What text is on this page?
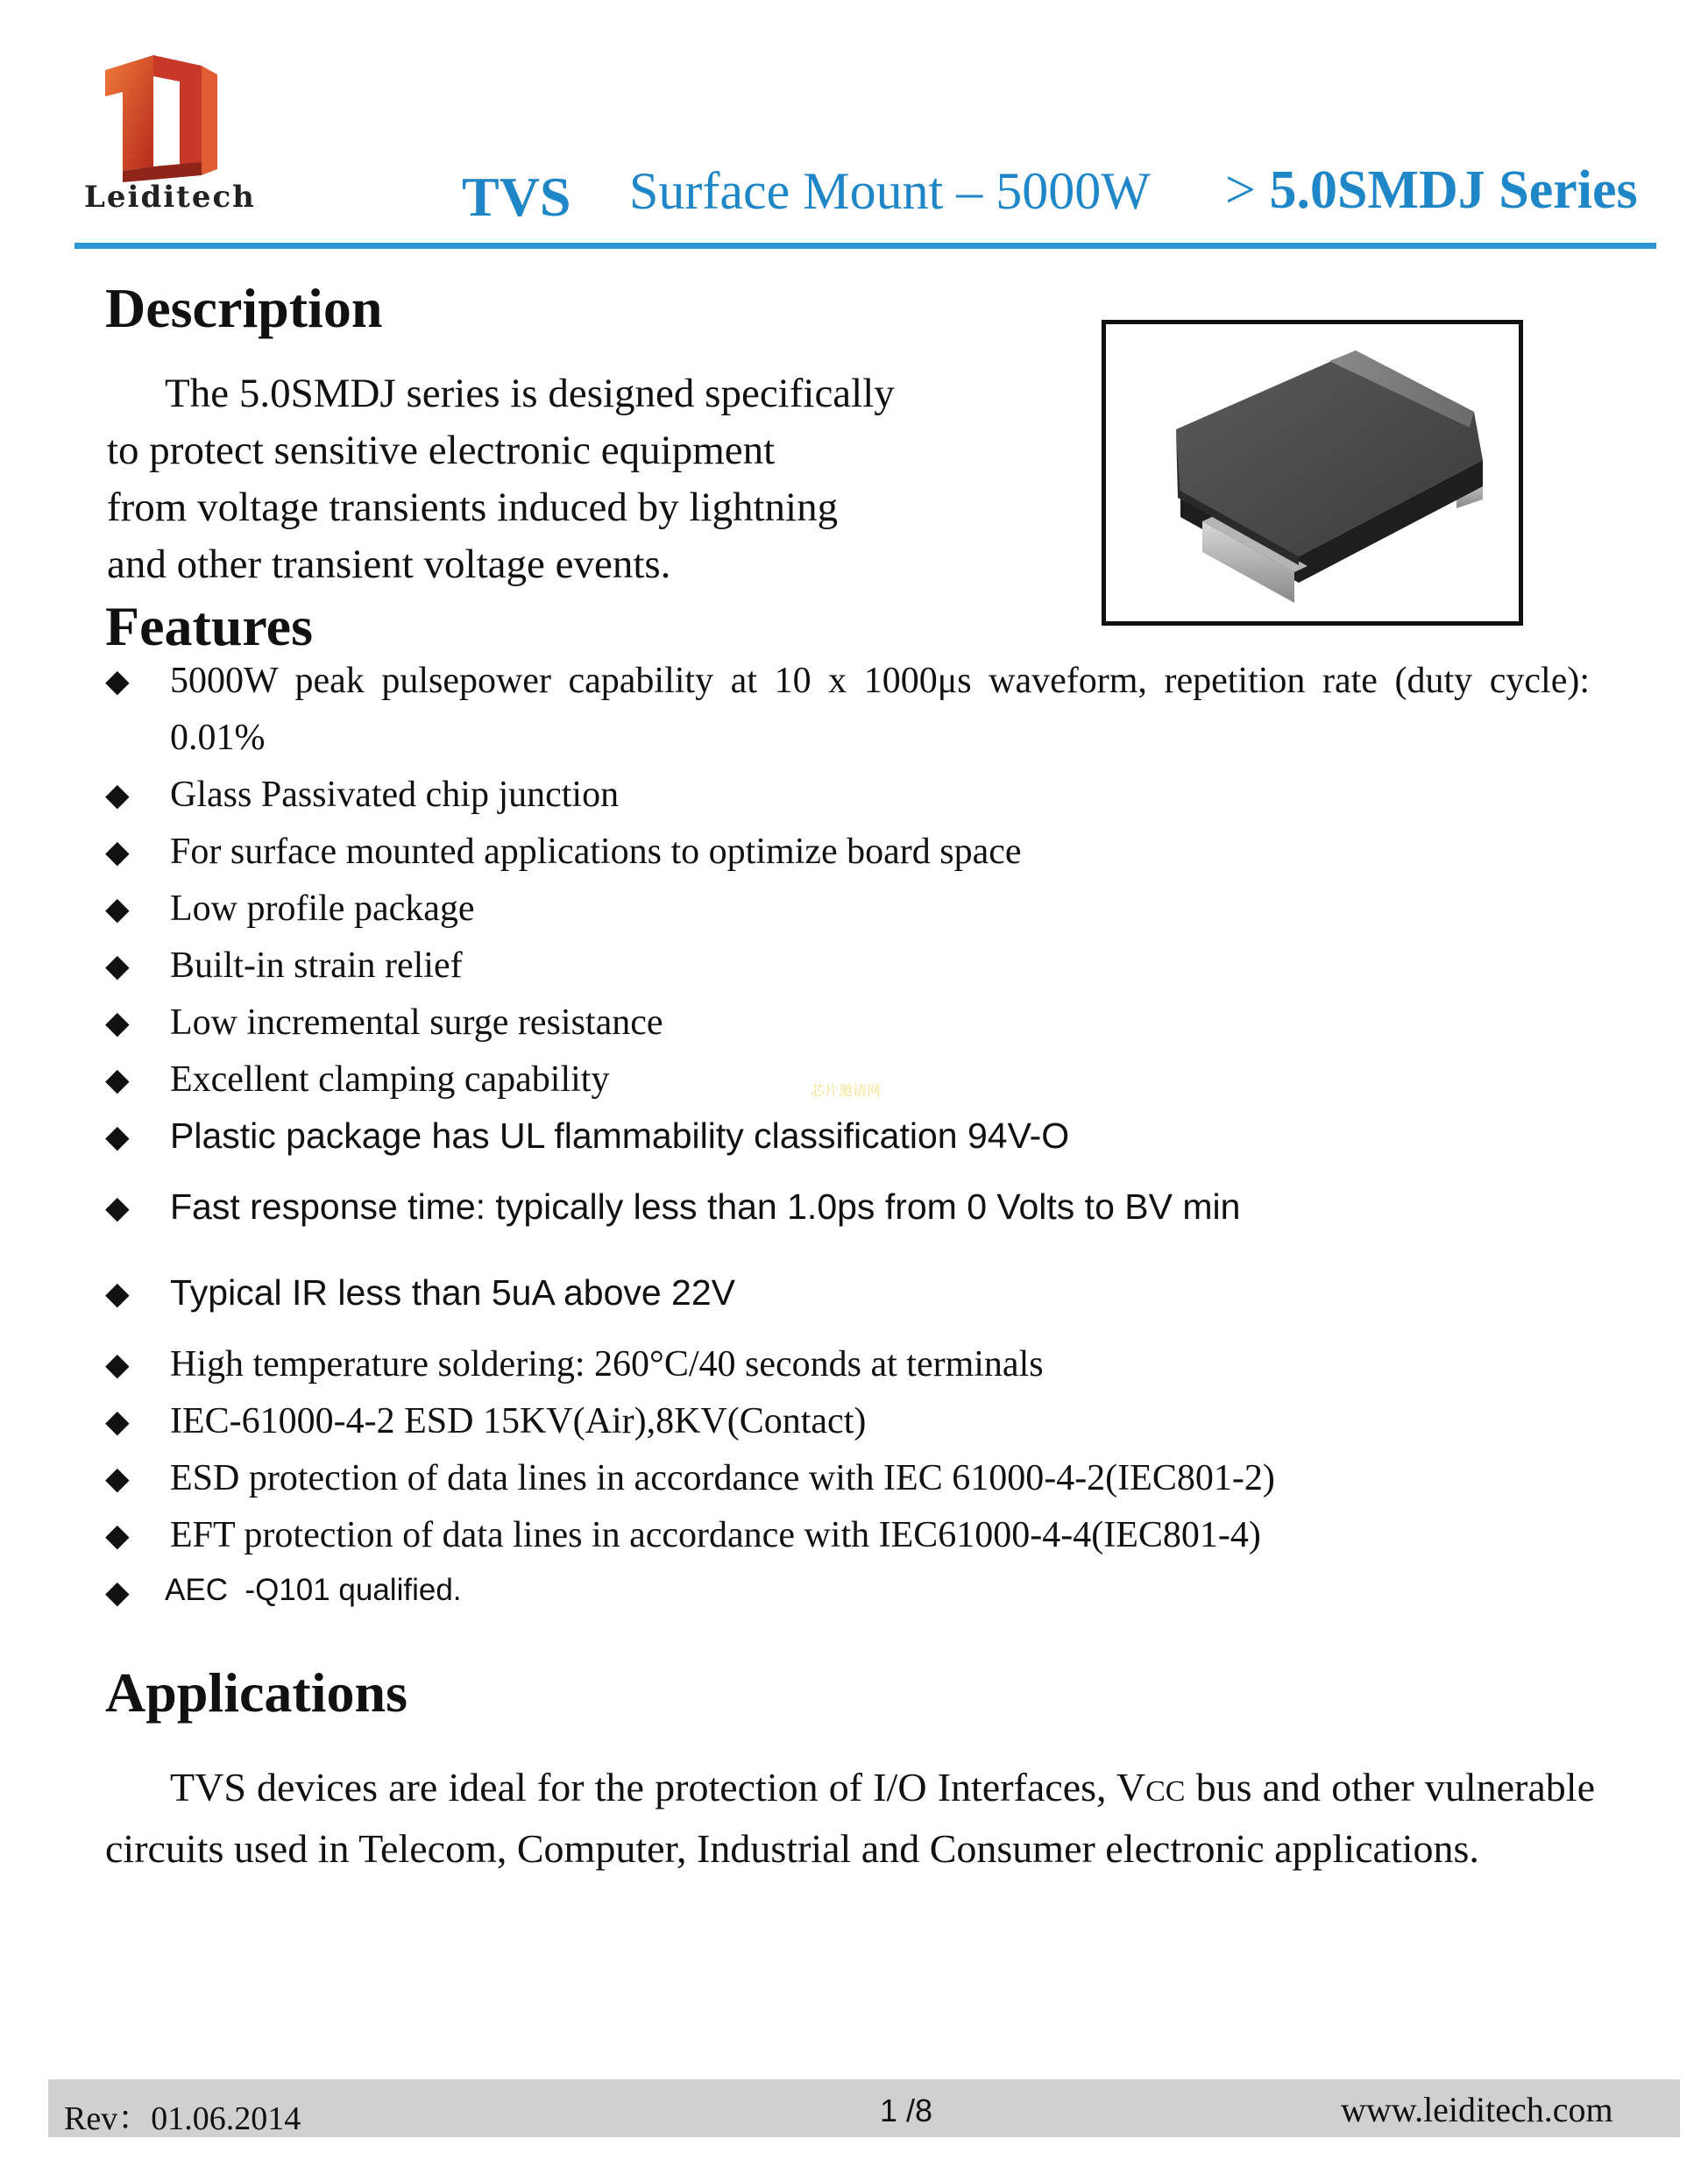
Leiditech	TVS Surface Mount – 5000W > 5.0SMDJ Series
Description
The 5.0SMDJ series is designed specifically
to protect sensitive electronic equipment
from voltage transients induced by lightning
and other transient voltage events.
Features
◆ 5000W peak pulsepower capability at 10 x 1000μs waveform, repetition rate (duty cycle): 0.01%
◆ Glass Passivated chip junction
◆ For surface mounted applications to optimize board space
◆ Low profile package
◆ Built-in strain relief
◆ Low incremental surge resistance
◆ Excellent clamping capability
◆ Plastic package has UL flammability classification 94V-O
◆ Fast response time: typically less than 1.0ps from 0 Volts to BV min
◆ Typical IR less than 5uA above 22V
◆ High temperature soldering: 260°C/40 seconds at terminals
◆ IEC-61000-4-2 ESD 15KV(Air),8KV(Contact)
◆ ESD protection of data lines in accordance with IEC 61000-4-2(IEC801-2)
◆ EFT protection of data lines in accordance with IEC61000-4-4(IEC801-4)
◆ AEC  -Q101 qualified.
芯片邀请网
Applications
TVS devices are ideal for the protection of I/O Interfaces, VCC bus and other vulnerable circuits used in Telecom, Computer, Industrial and Consumer electronic applications.
Rev：01.06.2014	1 /8	www.leiditech.com
